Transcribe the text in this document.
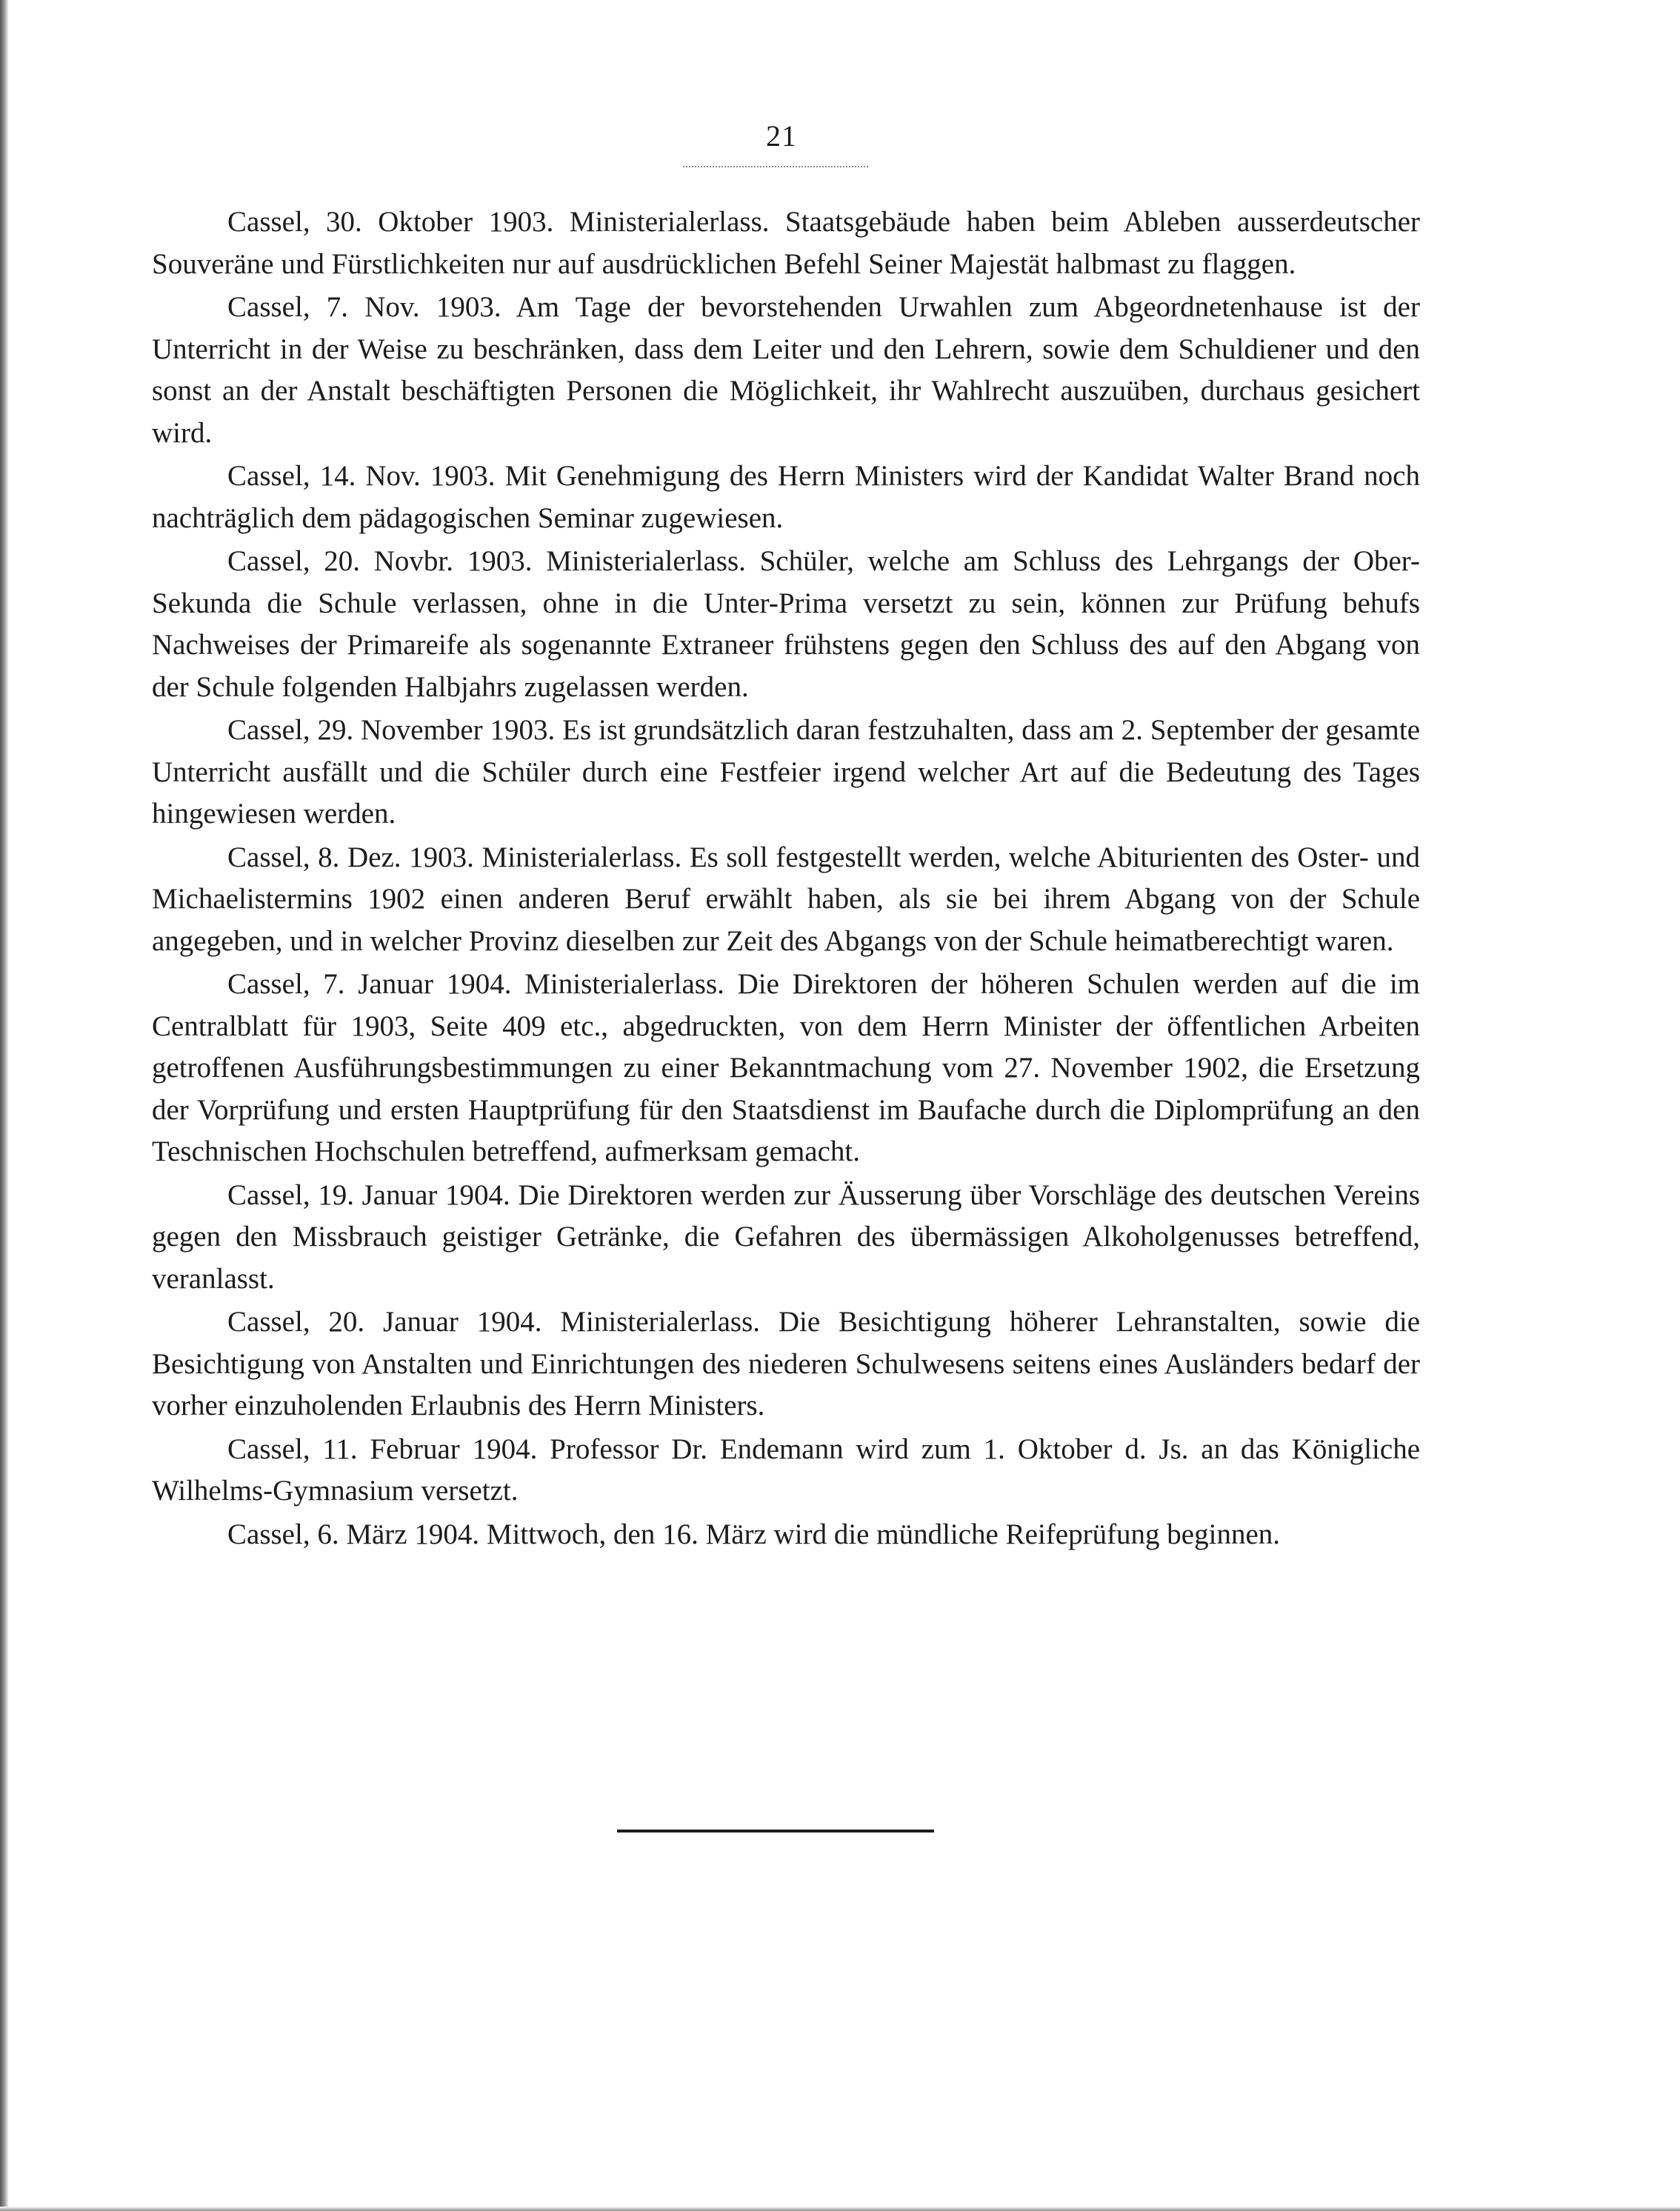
21

Cassel, 30. Oktober 1903. Ministerialerlass. Staatsgebäude haben beim Ableben ausserdeutscher Souveräne und Fürstlichkeiten nur auf ausdrücklichen Befehl Seiner Majestät halbmast zu flaggen.

Cassel, 7. Nov. 1903. Am Tage der bevorstehenden Urwahlen zum Abgeordnetenhause ist der Unterricht in der Weise zu beschränken, dass dem Leiter und den Lehrern, sowie dem Schuldiener und den sonst an der Anstalt beschäftigten Personen die Möglichkeit, ihr Wahlrecht auszuüben, durchaus gesichert wird.

Cassel, 14. Nov. 1903. Mit Genehmigung des Herrn Ministers wird der Kandidat Walter Brand noch nachträglich dem pädagogischen Seminar zugewiesen.

Cassel, 20. Novbr. 1903. Ministerialerlass. Schüler, welche am Schluss des Lehrgangs der Ober-Sekunda die Schule verlassen, ohne in die Unter-Prima versetzt zu sein, können zur Prüfung behufs Nachweises der Primareife als sogenannte Extraneer frühstens gegen den Schluss des auf den Abgang von der Schule folgenden Halbjahrs zugelassen werden.

Cassel, 29. November 1903. Es ist grundsätzlich daran festzuhalten, dass am 2. September der gesamte Unterricht ausfällt und die Schüler durch eine Festfeier irgend welcher Art auf die Bedeutung des Tages hingewiesen werden.

Cassel, 8. Dez. 1903. Ministerialerlass. Es soll festgestellt werden, welche Abiturienten des Oster- und Michaelistermins 1902 einen anderen Beruf erwählt haben, als sie bei ihrem Abgang von der Schule angegeben, und in welcher Provinz dieselben zur Zeit des Abgangs von der Schule heimatberechtigt waren.

Cassel, 7. Januar 1904. Ministerialerlass. Die Direktoren der höheren Schulen werden auf die im Centralblatt für 1903, Seite 409 etc., abgedruckten, von dem Herrn Minister der öffentlichen Arbeiten getroffenen Ausführungsbestimmungen zu einer Bekanntmachung vom 27. November 1902, die Ersetzung der Vorprüfung und ersten Hauptprüfung für den Staatsdienst im Baufache durch die Diplomprüfung an den Teschnischen Hochschulen betreffend, aufmerksam gemacht.

Cassel, 19. Januar 1904. Die Direktoren werden zur Äusserung über Vorschläge des deutschen Vereins gegen den Missbrauch geistiger Getränke, die Gefahren des übermässigen Alkoholgenusses betreffend, veranlasst.

Cassel, 20. Januar 1904. Ministerialerlass. Die Besichtigung höherer Lehranstalten, sowie die Besichtigung von Anstalten und Einrichtungen des niederen Schulwesens seitens eines Ausländers bedarf der vorher einzuholenden Erlaubnis des Herrn Ministers.

Cassel, 11. Februar 1904. Professor Dr. Endemann wird zum 1. Oktober d. Js. an das Königliche Wilhelms-Gymnasium versetzt.

Cassel, 6. März 1904. Mittwoch, den 16. März wird die mündliche Reifeprüfung beginnen.
